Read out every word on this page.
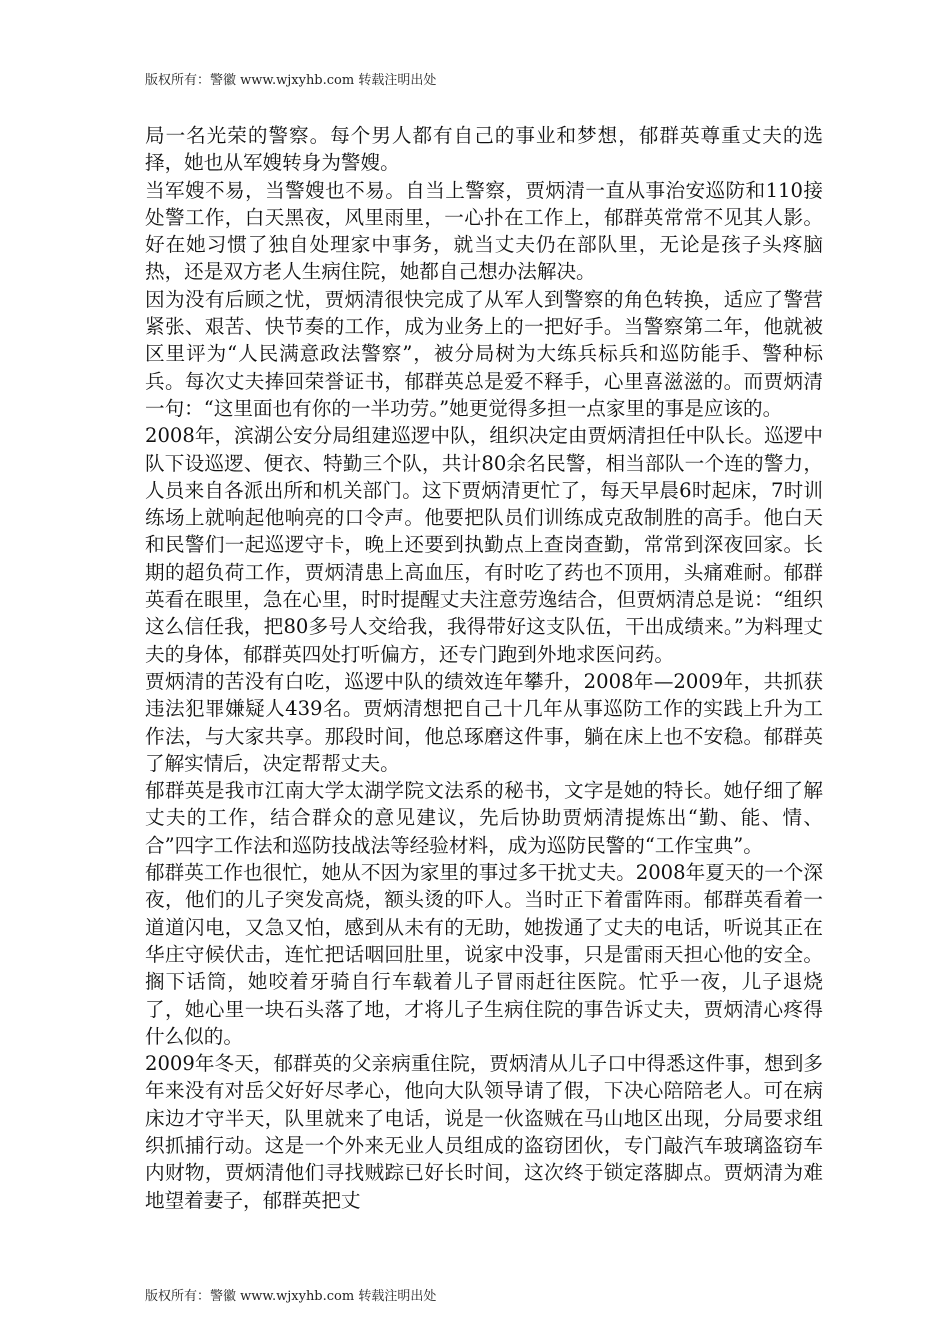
版权所有：警徽 www.wjxyhb.com 转载注明出处

局一名光荣的警察。每个男人都有自己的事业和梦想，郁群英尊重丈夫的选择，她也从军嫂转身为警嫂。

当军嫂不易，当警嫂也不易。自当上警察，贾炳清一直从事治安巡防和110接处警工作，白天黑夜，风里雨里，一心扑在工作上，郁群英常常不见其人影。好在她习惯了独自处理家中事务，就当丈夫仍在部队里，无论是孩子头疼脑热，还是双方老人生病住院，她都自己想办法解决。

因为没有后顾之忧，贾炳清很快完成了从军人到警察的角色转换，适应了警营紧张、艰苦、快节奏的工作，成为业务上的一把好手。当警察第二年，他就被区里评为“人民满意政法警察”，被分局树为大练兵标兵和巡防能手、警种标兵。每次丈夫捧回荣誉证书，郁群英总是爱不释手，心里喜滋滋的。而贾炳清一句：“这里面也有你的一半功劳。”她更觉得多担一点家里的事是应该的。

2008年，滨湖公安分局组建巡逻中队，组织决定由贾炳清担任中队长。巡逻中队下设巡逻、便衣、特勤三个队，共计80余名民警，相当部队一个连的警力，人员来自各派出所和机关部门。这下贾炳清更忙了，每天早晨6时起床，7时训练场上就响起他响亮的口令声。他要把队员们训练成克敌制胜的高手。他白天和民警们一起巡逻守卡，晚上还要到执勤点上查岗查勤，常常到深夜回家。长期的超负荷工作，贾炳清患上高血压，有时吃了药也不顶用，头痛难耐。郁群英看在眼里，急在心里，时时提醒丈夫注意劳逸结合，但贾炳清总是说：“组织这么信任我，把80多号人交给我，我得带好这支队伍，干出成绩来。”为料理丈夫的身体，郁群英四处打听偏方，还专门跑到外地求医问药。

贾炳清的苦没有白吃，巡逻中队的绩效连年攀升，2008年—2009年，共抓获违法犯罪嫌疑人439名。贾炳清想把自己十几年从事巡防工作的实践上升为工作法，与大家共享。那段时间，他总琢磨这件事，躺在床上也不安稳。郁群英了解实情后，决定帮帮丈夫。

郁群英是我市江南大学太湖学院文法系的秘书，文字是她的特长。她仔细了解丈夫的工作，结合群众的意见建议，先后协助贾炳清提炼出“勤、能、情、合”四字工作法和巡防技战法等经验材料，成为巡防民警的“工作宝典”。

郁群英工作也很忙，她从不因为家里的事过多干扰丈夫。2008年夏天的一个深夜，他们的儿子突发高烧，额头烫的吓人。当时正下着雷阵雨。郁群英看着一道道闪电，又急又怕，感到从未有的无助，她拨通了丈夫的电话，听说其正在华庄守候伏击，连忙把话咽回肚里，说家中没事，只是雷雨天担心他的安全。搁下话筒，她咬着牙骑自行车载着儿子冒雨赶往医院。忙乎一夜，儿子退烧了，她心里一块石头落了地，才将儿子生病住院的事告诉丈夫，贾炳清心疼得什么似的。

2009年冬天，郁群英的父亲病重住院，贾炳清从儿子口中得悉这件事，想到多年来没有对岳父好好尽孝心，他向大队领导请了假，下决心陪陪老人。可在病床边才守半天，队里就来了电话，说是一伙盗贼在马山地区出现，分局要求组织抓捕行动。这是一个外来无业人员组成的盗窃团伙，专门敲汽车玻璃盗窃车内财物，贾炳清他们寻找贼踪已好长时间，这次终于锁定落脚点。贾炳清为难地望着妻子，郁群英把丈

版权所有：警徽 www.wjxyhb.com 转载注明出处
